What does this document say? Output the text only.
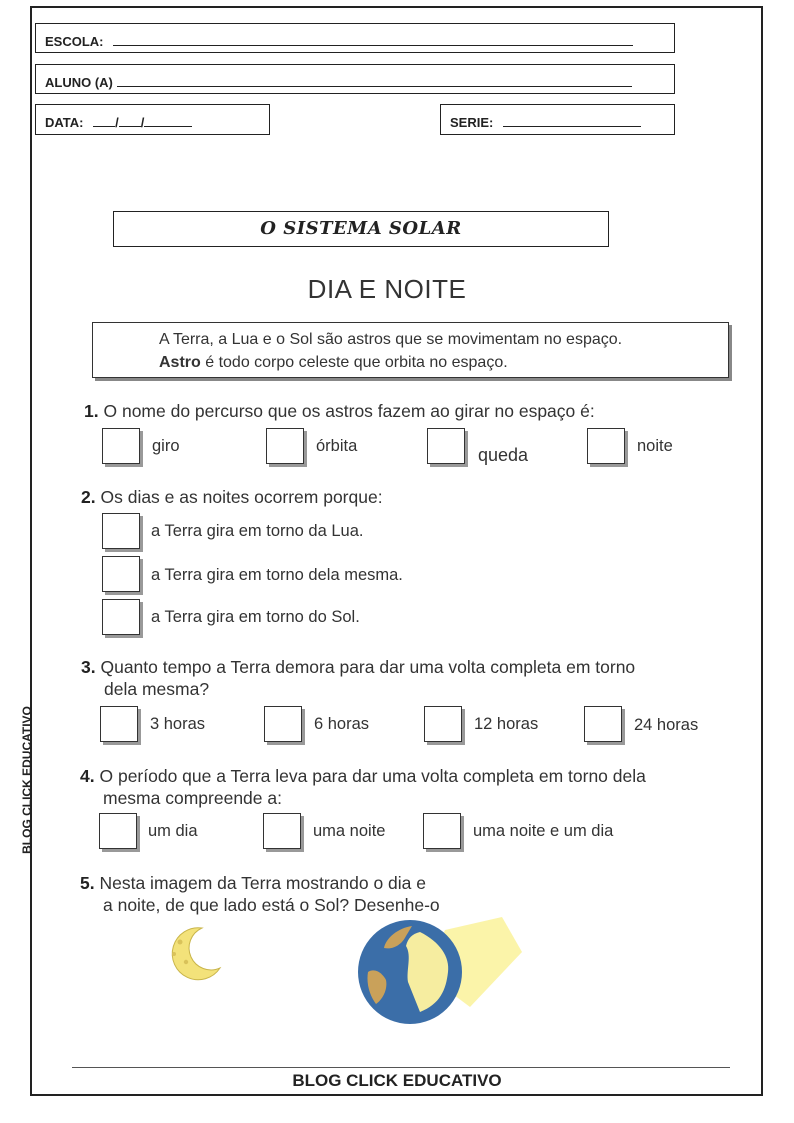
ESCOLA:
ALUNO (A)
DATA: / /	SERIE:
O SISTEMA SOLAR
DIA E NOITE
A Terra, a Lua e o Sol são astros que se movimentam no espaço.
Astro é todo corpo celeste que orbita no espaço.
1. O nome do percurso que os astros fazem ao girar no espaço é:
giro	órbita	queda	noite
2. Os dias e as noites ocorrem porque:
a Terra gira em torno da Lua.
a Terra gira em torno dela mesma.
a Terra gira em torno do Sol.
3. Quanto tempo a Terra demora para dar uma volta completa em torno
dela mesma?
3 horas	6 horas	12 horas	24 horas
4. O período que a Terra leva para dar uma volta completa em torno dela
mesma compreende a:
um dia	uma noite	uma noite e um dia
5. Nesta imagem da Terra mostrando o dia e
a noite, de que lado está o Sol? Desenhe-o
BLOG CLICK EDUCATIVO
BLOG CLICK EDUCATIVO
